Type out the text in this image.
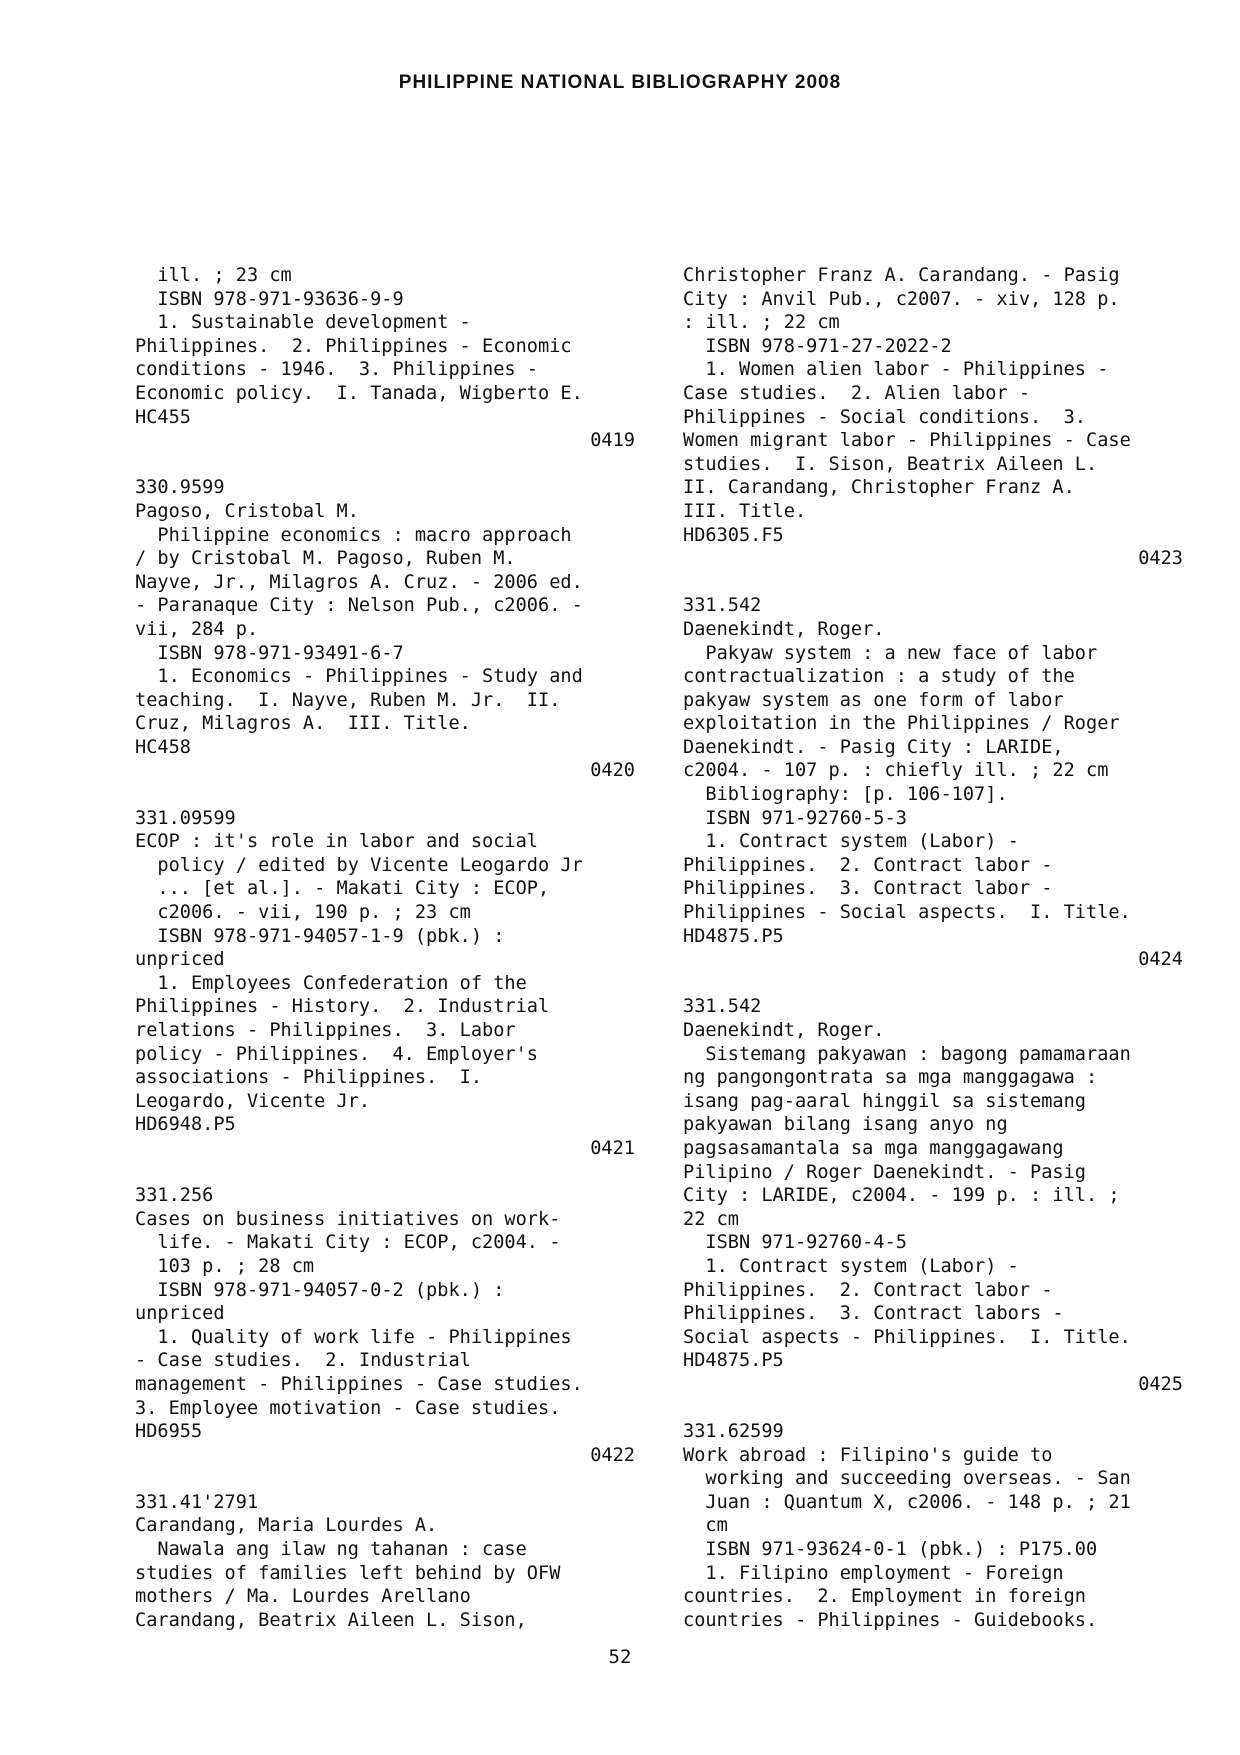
PHILIPPINE NATIONAL BIBLIOGRAPHY 2008
ill. ; 23 cm
ISBN 978-971-93636-9-9
1. Sustainable development -
Philippines.  2. Philippines - Economic
conditions - 1946.  3. Philippines -
Economic policy.  I. Tanada, Wigberto E.
HC455
0419
330.9599
Pagoso, Cristobal M.
Philippine economics : macro approach
/ by Cristobal M. Pagoso, Ruben M.
Nayve, Jr., Milagros A. Cruz. - 2006 ed.
- Paranaque City : Nelson Pub., c2006. -
vii, 284 p.
ISBN 978-971-93491-6-7
1. Economics - Philippines - Study and
teaching.  I. Nayve, Ruben M. Jr.  II.
Cruz, Milagros A.  III. Title.
HC458
0420
331.09599
ECOP : it's role in labor and social
policy / edited by Vicente Leogardo Jr
... [et al.]. - Makati City : ECOP,
c2006. - vii, 190 p. ; 23 cm
ISBN 978-971-94057-1-9 (pbk.) :
unpriced
1. Employees Confederation of the
Philippines - History.  2. Industrial
relations - Philippines.  3. Labor
policy - Philippines.  4. Employer's
associations - Philippines.  I.
Leogardo, Vicente Jr.
HD6948.P5
0421
331.256
Cases on business initiatives on work-
life. - Makati City : ECOP, c2004. -
103 p. ; 28 cm
ISBN 978-971-94057-0-2 (pbk.) :
unpriced
1. Quality of work life - Philippines
- Case studies.  2. Industrial
management - Philippines - Case studies.
3. Employee motivation - Case studies.
HD6955
0422
331.41'2791
Carandang, Maria Lourdes A.
Nawala ang ilaw ng tahanan : case
studies of families left behind by OFW
mothers / Ma. Lourdes Arellano
Carandang, Beatrix Aileen L. Sison,
Christopher Franz A. Carandang. - Pasig
City : Anvil Pub., c2007. - xiv, 128 p.
: ill. ; 22 cm
ISBN 978-971-27-2022-2
1. Women alien labor - Philippines -
Case studies.  2. Alien labor -
Philippines - Social conditions.  3.
Women migrant labor - Philippines - Case
studies.  I. Sison, Beatrix Aileen L.
II. Carandang, Christopher Franz A.
III. Title.
HD6305.F5
0423
331.542
Daenekindt, Roger.
Pakyaw system : a new face of labor
contractualization : a study of the
pakyaw system as one form of labor
exploitation in the Philippines / Roger
Daenekindt. - Pasig City : LARIDE,
c2004. - 107 p. : chiefly ill. ; 22 cm
Bibliography: [p. 106-107].
ISBN 971-92760-5-3
1. Contract system (Labor) -
Philippines.  2. Contract labor -
Philippines.  3. Contract labor -
Philippines - Social aspects.  I. Title.
HD4875.P5
0424
331.542
Daenekindt, Roger.
Sistemang pakyawan : bagong pamamaraan
ng pangongontrata sa mga manggagawa :
isang pag-aaral hinggil sa sistemang
pakyawan bilang isang anyo ng
pagsasamantala sa mga manggagawang
Pilipino / Roger Daenekindt. - Pasig
City : LARIDE, c2004. - 199 p. : ill. ;
22 cm
ISBN 971-92760-4-5
1. Contract system (Labor) -
Philippines.  2. Contract labor -
Philippines.  3. Contract labors -
Social aspects - Philippines.  I. Title.
HD4875.P5
0425
331.62599
Work abroad : Filipino's guide to
working and succeeding overseas. - San
Juan : Quantum X, c2006. - 148 p. ; 21
cm
ISBN 971-93624-0-1 (pbk.) : P175.00
1. Filipino employment - Foreign
countries.  2. Employment in foreign
countries - Philippines - Guidebooks.
52
